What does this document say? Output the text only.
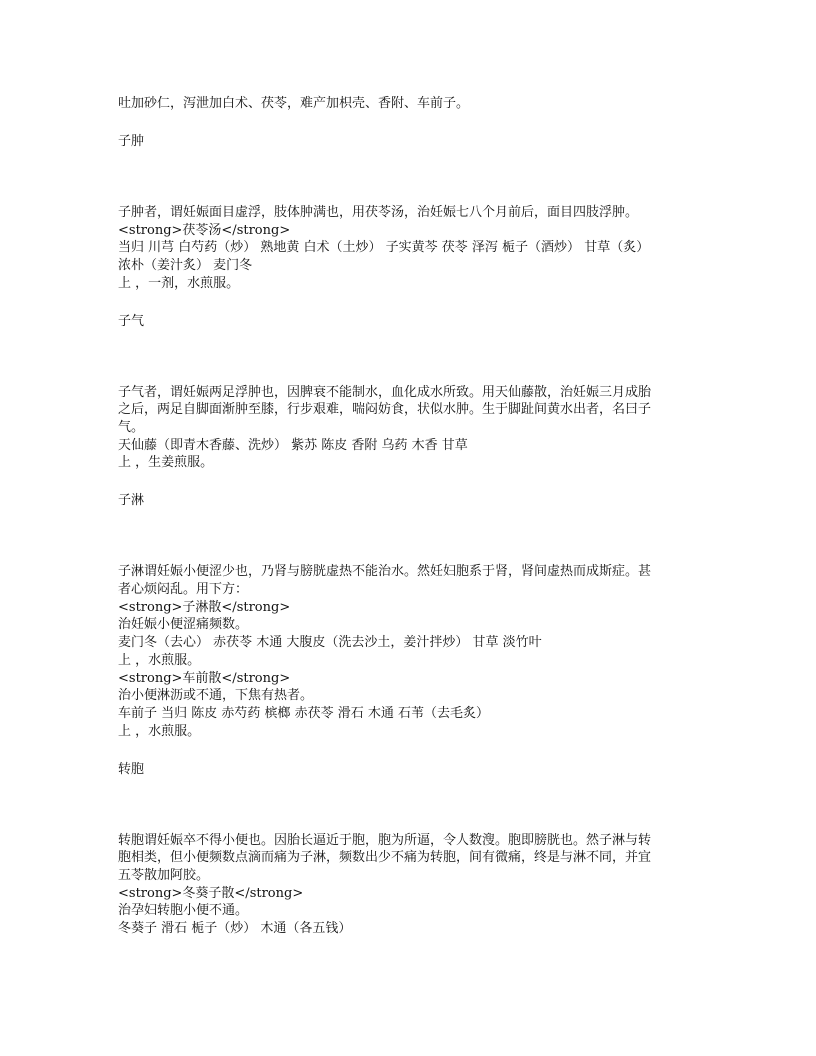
吐加砂仁，泻泄加白术、茯苓，难产加枳壳、香附、车前子。
子肿
子肿者，谓妊娠面目虚浮，肢体肿满也，用茯苓汤，治妊娠七八个月前后，面目四肢浮肿。
<strong>茯苓汤</strong>
当归 川芎 白芍药（炒） 熟地黄 白术（土炒） 子实黄芩 茯苓 泽泻 栀子（酒炒） 甘草（炙）
浓朴（姜汁炙） 麦门冬
上 ，一剂，水煎服。
子气
子气者，谓妊娠两足浮肿也，因脾衰不能制水，血化成水所致。用天仙藤散，治妊娠三月成胎
之后，两足自脚面渐肿至膝，行步艰难，喘闷妨食，状似水肿。生于脚趾间黄水出者，名曰子
气。
天仙藤（即青木香藤、洗炒） 紫苏 陈皮 香附 乌药 木香 甘草
上 ，生姜煎服。
子淋
子淋谓妊娠小便涩少也，乃肾与膀胱虚热不能治水。然妊妇胞系于肾，肾间虚热而成斯症。甚
者心烦闷乱。用下方：
<strong>子淋散</strong>
治妊娠小便涩痛频数。
麦门冬（去心） 赤茯苓 木通 大腹皮（洗去沙土，姜汁拌炒） 甘草 淡竹叶
上 ，水煎服。
<strong>车前散</strong>
治小便淋沥或不通，下焦有热者。
车前子 当归 陈皮 赤芍药 槟榔 赤茯苓 滑石 木通 石苇（去毛炙）
上 ，水煎服。
转胞
转胞谓妊娠卒不得小便也。因胎长逼近于胞，胞为所逼，令人数溲。胞即膀胱也。然子淋与转
胞相类，但小便频数点滴而痛为子淋，频数出少不痛为转胞，间有微痛，终是与淋不同，并宜
五苓散加阿胶。
<strong>冬葵子散</strong>
治孕妇转胞小便不通。
冬葵子 滑石 栀子（炒） 木通（各五钱）
